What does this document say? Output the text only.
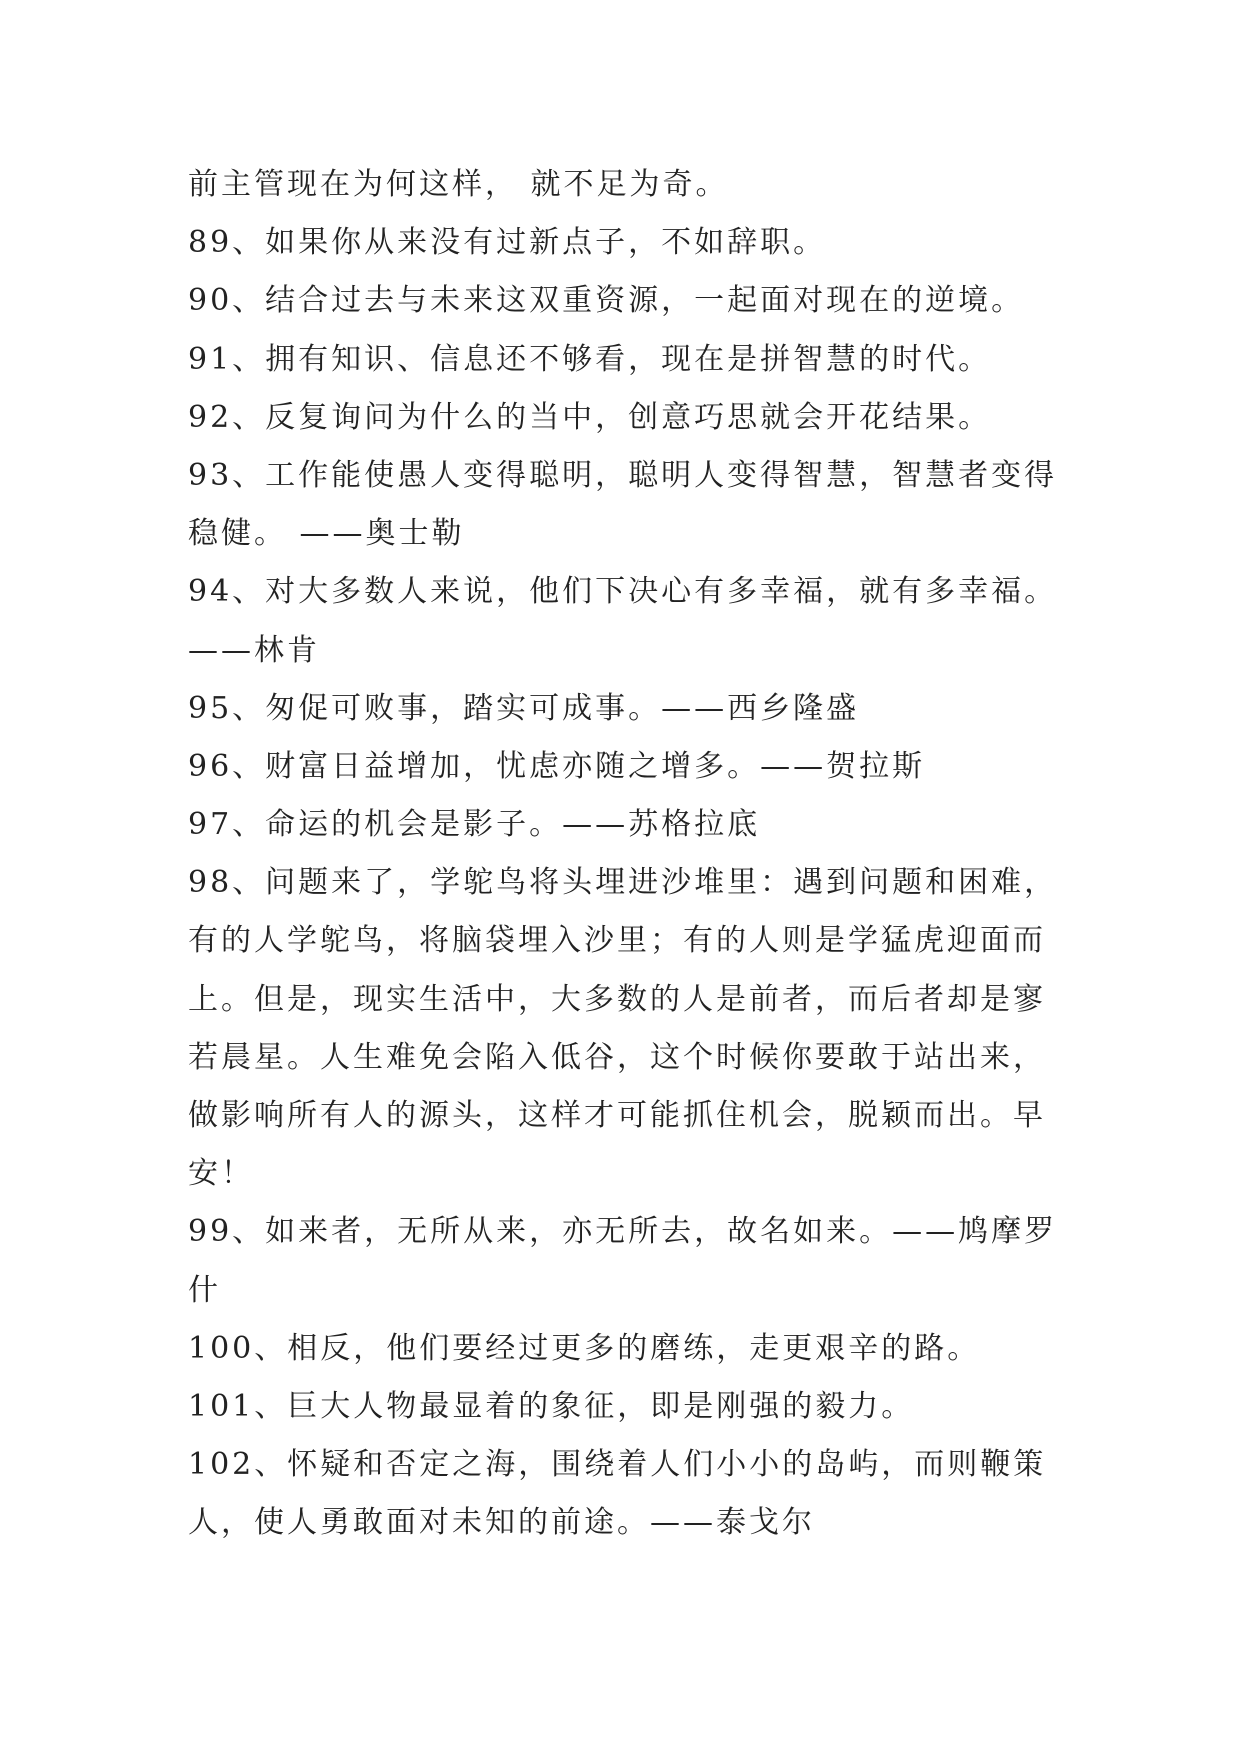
前主管现在为何这样， 就不足为奇。
89、如果你从来没有过新点子，不如辞职。
90、结合过去与未来这双重资源，一起面对现在的逆境。
91、拥有知识、信息还不够看，现在是拼智慧的时代。
92、反复询问为什么的当中，创意巧思就会开花结果。
93、工作能使愚人变得聪明，聪明人变得智慧，智慧者变得
稳健。 ——奥士勒
94、对大多数人来说，他们下决心有多幸福，就有多幸福。
——林肯
95、匆促可败事，踏实可成事。——西乡隆盛
96、财富日益增加，忧虑亦随之增多。——贺拉斯
97、命运的机会是影子。——苏格拉底
98、问题来了，学鸵鸟将头埋进沙堆里：遇到问题和困难，
有的人学鸵鸟，将脑袋埋入沙里；有的人则是学猛虎迎面而
上。但是，现实生活中，大多数的人是前者，而后者却是寥
若晨星。人生难免会陷入低谷，这个时候你要敢于站出来，
做影响所有人的源头，这样才可能抓住机会，脱颖而出。早
安！
99、如来者，无所从来，亦无所去，故名如来。——鸠摩罗
什
100、相反，他们要经过更多的磨练，走更艰辛的路。
101、巨大人物最显着的象征，即是刚强的毅力。
102、怀疑和否定之海，围绕着人们小小的岛屿，而则鞭策
人，使人勇敢面对未知的前途。——泰戈尔
